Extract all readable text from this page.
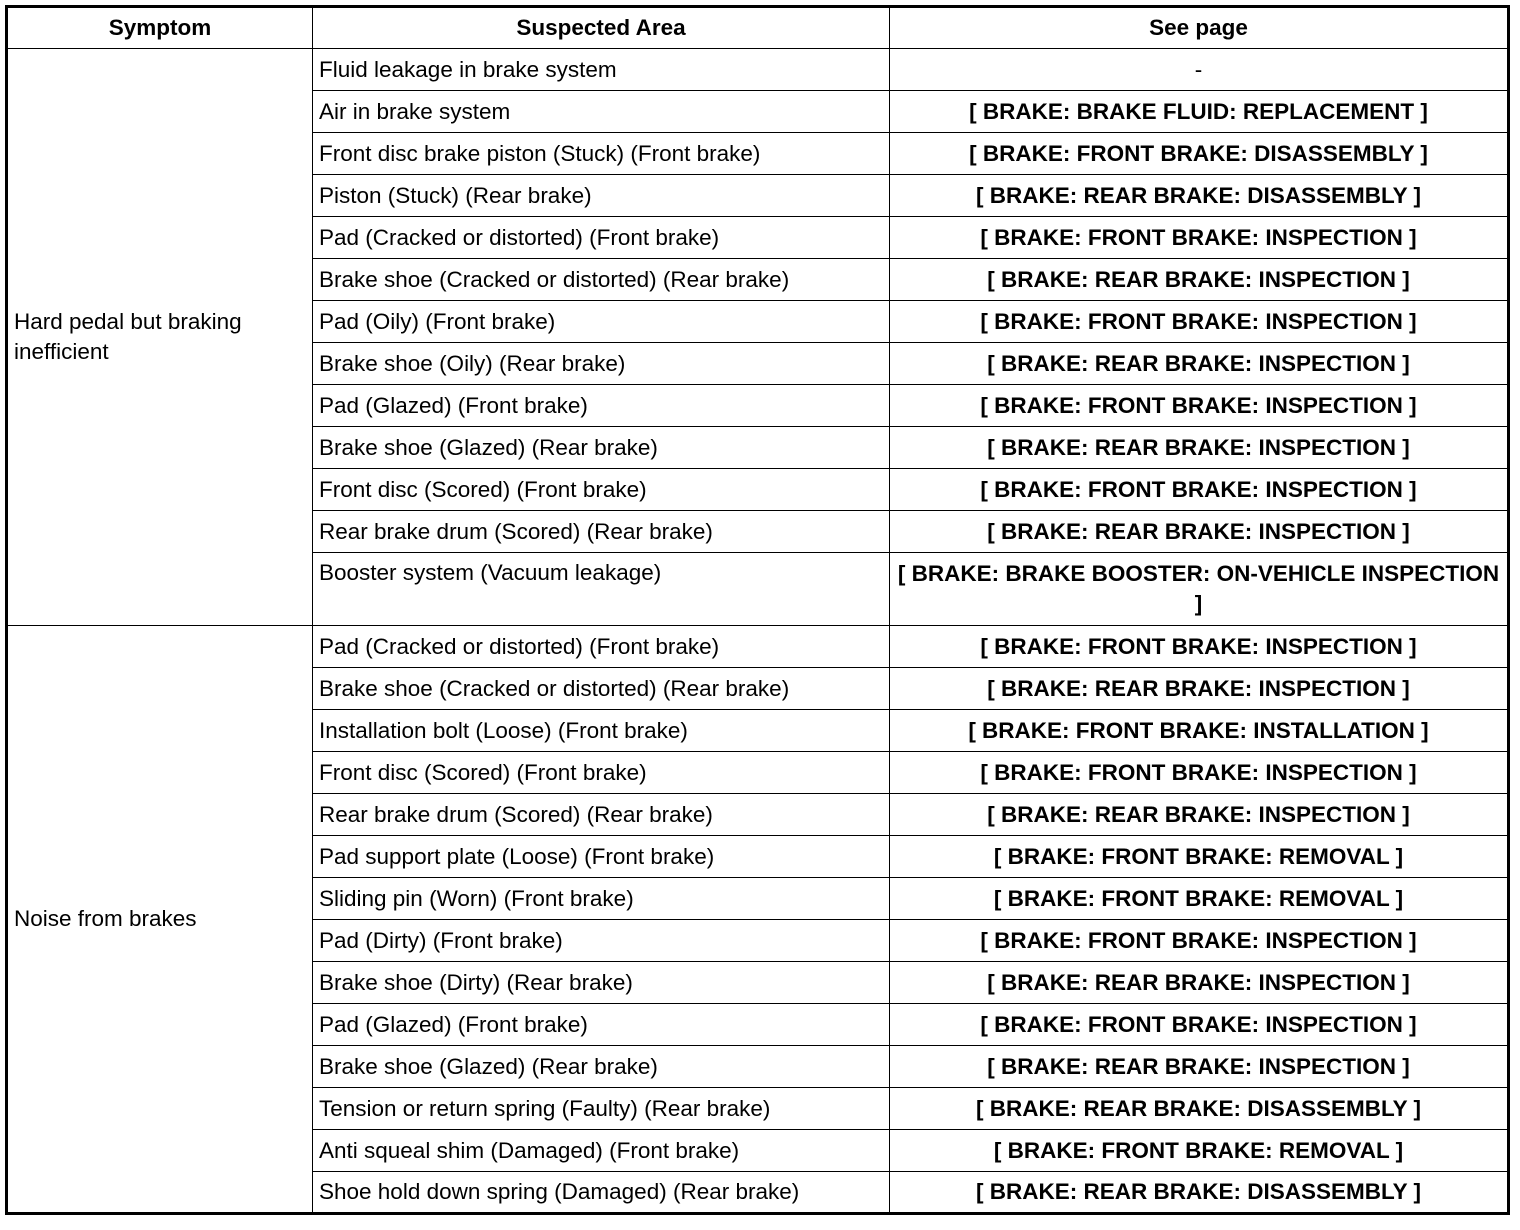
Symptom	Suspected Area	See page
Hard pedal but braking inefficient	Fluid leakage in brake system	-
	Air in brake system	[ BRAKE: BRAKE FLUID: REPLACEMENT ]
	Front disc brake piston (Stuck) (Front brake)	[ BRAKE: FRONT BRAKE: DISASSEMBLY ]
	Piston (Stuck) (Rear brake)	[ BRAKE: REAR BRAKE: DISASSEMBLY ]
	Pad (Cracked or distorted) (Front brake)	[ BRAKE: FRONT BRAKE: INSPECTION ]
	Brake shoe (Cracked or distorted) (Rear brake)	[ BRAKE: REAR BRAKE: INSPECTION ]
	Pad (Oily) (Front brake)	[ BRAKE: FRONT BRAKE: INSPECTION ]
	Brake shoe (Oily) (Rear brake)	[ BRAKE: REAR BRAKE: INSPECTION ]
	Pad (Glazed) (Front brake)	[ BRAKE: FRONT BRAKE: INSPECTION ]
	Brake shoe (Glazed) (Rear brake)	[ BRAKE: REAR BRAKE: INSPECTION ]
	Front disc (Scored) (Front brake)	[ BRAKE: FRONT BRAKE: INSPECTION ]
	Rear brake drum (Scored) (Rear brake)	[ BRAKE: REAR BRAKE: INSPECTION ]
	Booster system (Vacuum leakage)	[ BRAKE: BRAKE BOOSTER: ON-VEHICLE INSPECTION ]
Noise from brakes	Pad (Cracked or distorted) (Front brake)	[ BRAKE: FRONT BRAKE: INSPECTION ]
	Brake shoe (Cracked or distorted) (Rear brake)	[ BRAKE: REAR BRAKE: INSPECTION ]
	Installation bolt (Loose) (Front brake)	[ BRAKE: FRONT BRAKE: INSTALLATION ]
	Front disc (Scored) (Front brake)	[ BRAKE: FRONT BRAKE: INSPECTION ]
	Rear brake drum (Scored) (Rear brake)	[ BRAKE: REAR BRAKE: INSPECTION ]
	Pad support plate (Loose) (Front brake)	[ BRAKE: FRONT BRAKE: REMOVAL ]
	Sliding pin (Worn) (Front brake)	[ BRAKE: FRONT BRAKE: REMOVAL ]
	Pad (Dirty) (Front brake)	[ BRAKE: FRONT BRAKE: INSPECTION ]
	Brake shoe (Dirty) (Rear brake)	[ BRAKE: REAR BRAKE: INSPECTION ]
	Pad (Glazed) (Front brake)	[ BRAKE: FRONT BRAKE: INSPECTION ]
	Brake shoe (Glazed) (Rear brake)	[ BRAKE: REAR BRAKE: INSPECTION ]
	Tension or return spring (Faulty) (Rear brake)	[ BRAKE: REAR BRAKE: DISASSEMBLY ]
	Anti squeal shim (Damaged) (Front brake)	[ BRAKE: FRONT BRAKE: REMOVAL ]
	Shoe hold down spring (Damaged) (Rear brake)	[ BRAKE: REAR BRAKE: DISASSEMBLY ]
